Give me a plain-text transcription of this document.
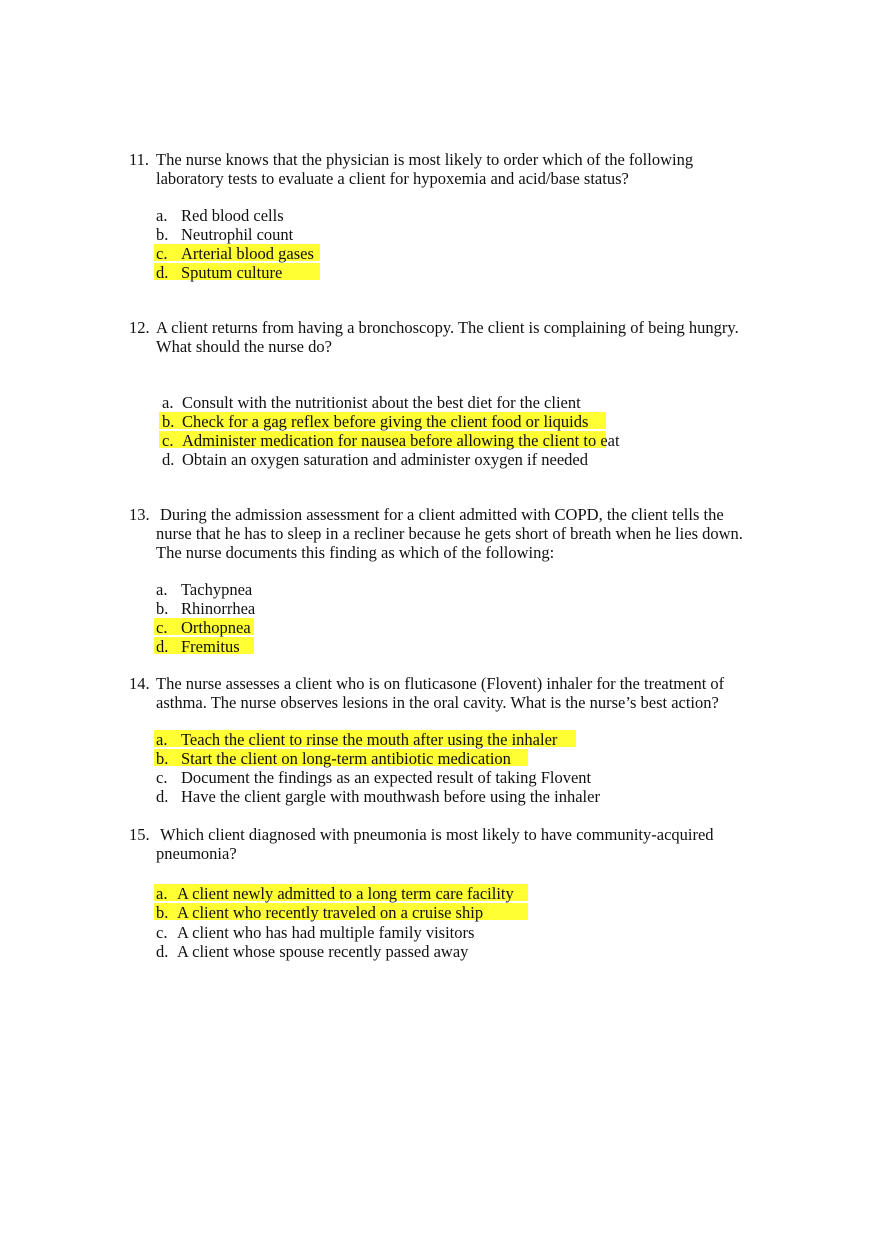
11. The nurse knows that the physician is most likely to order which of the following
laboratory tests to evaluate a client for hypoxemia and acid/base status?
a. Red blood cells
b. Neutrophil count
c. Arterial blood gases
d. Sputum culture
12. A client returns from having a bronchoscopy. The client is complaining of being hungry.
What should the nurse do?
a. Consult with the nutritionist about the best diet for the client
b. Check for a gag reflex before giving the client food or liquids
c. Administer medication for nausea before allowing the client to eat
d. Obtain an oxygen saturation and administer oxygen if needed
13. During the admission assessment for a client admitted with COPD, the client tells the
nurse that he has to sleep in a recliner because he gets short of breath when he lies down.
The nurse documents this finding as which of the following:
a. Tachypnea
b. Rhinorrhea
c. Orthopnea
d. Fremitus
14. The nurse assesses a client who is on fluticasone (Flovent) inhaler for the treatment of
asthma. The nurse observes lesions in the oral cavity. What is the nurse’s best action?
a. Teach the client to rinse the mouth after using the inhaler
b. Start the client on long-term antibiotic medication
c. Document the findings as an expected result of taking Flovent
d. Have the client gargle with mouthwash before using the inhaler
15. Which client diagnosed with pneumonia is most likely to have community-acquired
pneumonia?
a. A client newly admitted to a long term care facility
b. A client who recently traveled on a cruise ship
c. A client who has had multiple family visitors
d. A client whose spouse recently passed away
